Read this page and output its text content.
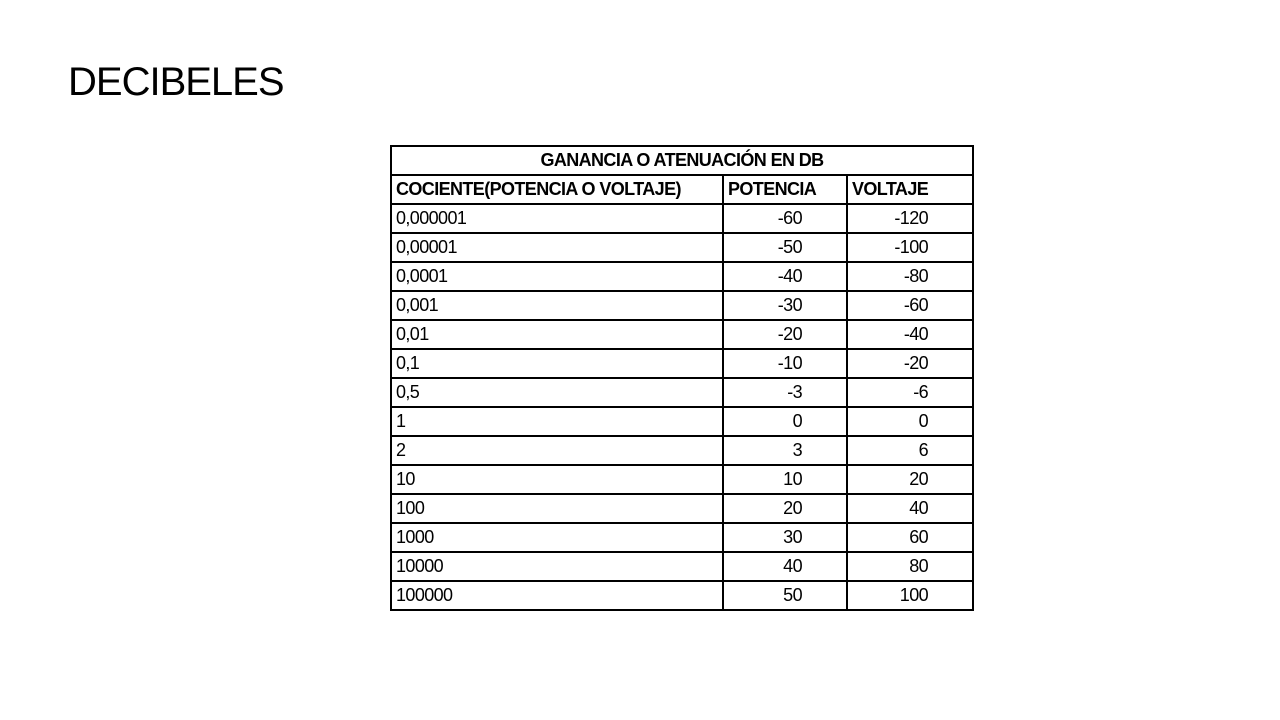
DECIBELES
GANANCIA O ATENUACIÓN EN DB		
COCIENTE(POTENCIA O VOLTAJE)	POTENCIA	VOLTAJE
0,000001	-60	-120
0,00001	-50	-100
0,0001	-40	-80
0,001	-30	-60
0,01	-20	-40
0,1	-10	-20
0,5	-3	-6
1	0	0
2	3	6
10	10	20
100	20	40
1000	30	60
10000	40	80
100000	50	100
